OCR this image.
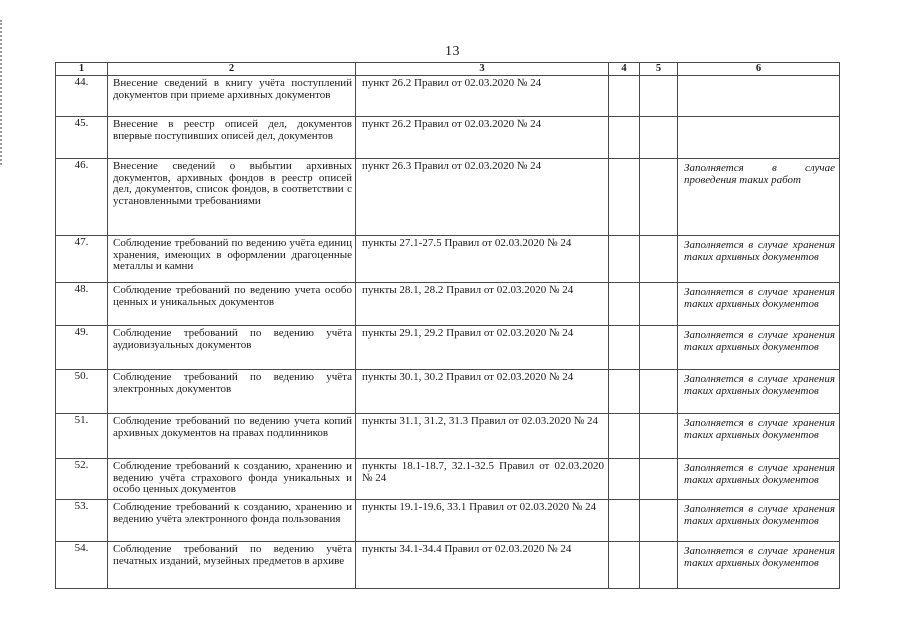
13
1	2	3	4	5	6
44.	Внесение сведений в книгу учёта поступлений документов при приеме архивных документов	пункт 26.2 Правил от 02.03.2020 № 24			
45.	Внесение в реестр описей дел, документов впервые поступивших описей дел, документов	пункт 26.2 Правил от 02.03.2020 № 24			
46.	Внесение сведений о выбытии архивных документов, архивных фондов в реестр описей дел, документов, список фондов, в соответствии с установленными требованиями	пункт 26.3 Правил от 02.03.2020 № 24			Заполняется в случае проведения таких работ
47.	Соблюдение требований по ведению учёта единиц хранения, имеющих в оформлении драгоценные металлы и камни	пункты 27.1-27.5 Правил от 02.03.2020 № 24			Заполняется в случае хранения таких архивных документов
48.	Соблюдение требований по ведению учета особо ценных и уникальных документов	пункты 28.1, 28.2 Правил от 02.03.2020 № 24			Заполняется в случае хранения таких архивных документов
49.	Соблюдение требований по ведению учёта аудиовизуальных документов	пункты 29.1, 29.2 Правил от 02.03.2020 № 24			Заполняется в случае хранения таких архивных документов
50.	Соблюдение требований по ведению учёта электронных документов	пункты 30.1, 30.2 Правил от 02.03.2020 № 24			Заполняется в случае хранения таких архивных документов
51.	Соблюдение требований по ведению учета копий архивных документов на правах подлинников	пункты 31.1, 31.2, 31.3 Правил от 02.03.2020 № 24			Заполняется в случае хранения таких архивных документов
52.	Соблюдение требований к созданию, хранению и ведению учёта страхового фонда уникальных и особо ценных документов	пункты 18.1-18.7, 32.1-32.5 Правил от 02.03.2020 № 24			Заполняется в случае хранения таких архивных документов
53.	Соблюдение требований к созданию, хранению и ведению учёта электронного фонда пользования	пункты 19.1-19.6, 33.1 Правил от 02.03.2020 № 24			Заполняется в случае хранения таких архивных документов
54.	Соблюдение требований по ведению учёта печатных изданий, музейных предметов в архиве	пункты 34.1-34.4 Правил от 02.03.2020 № 24			Заполняется в случае хранения таких архивных документов
